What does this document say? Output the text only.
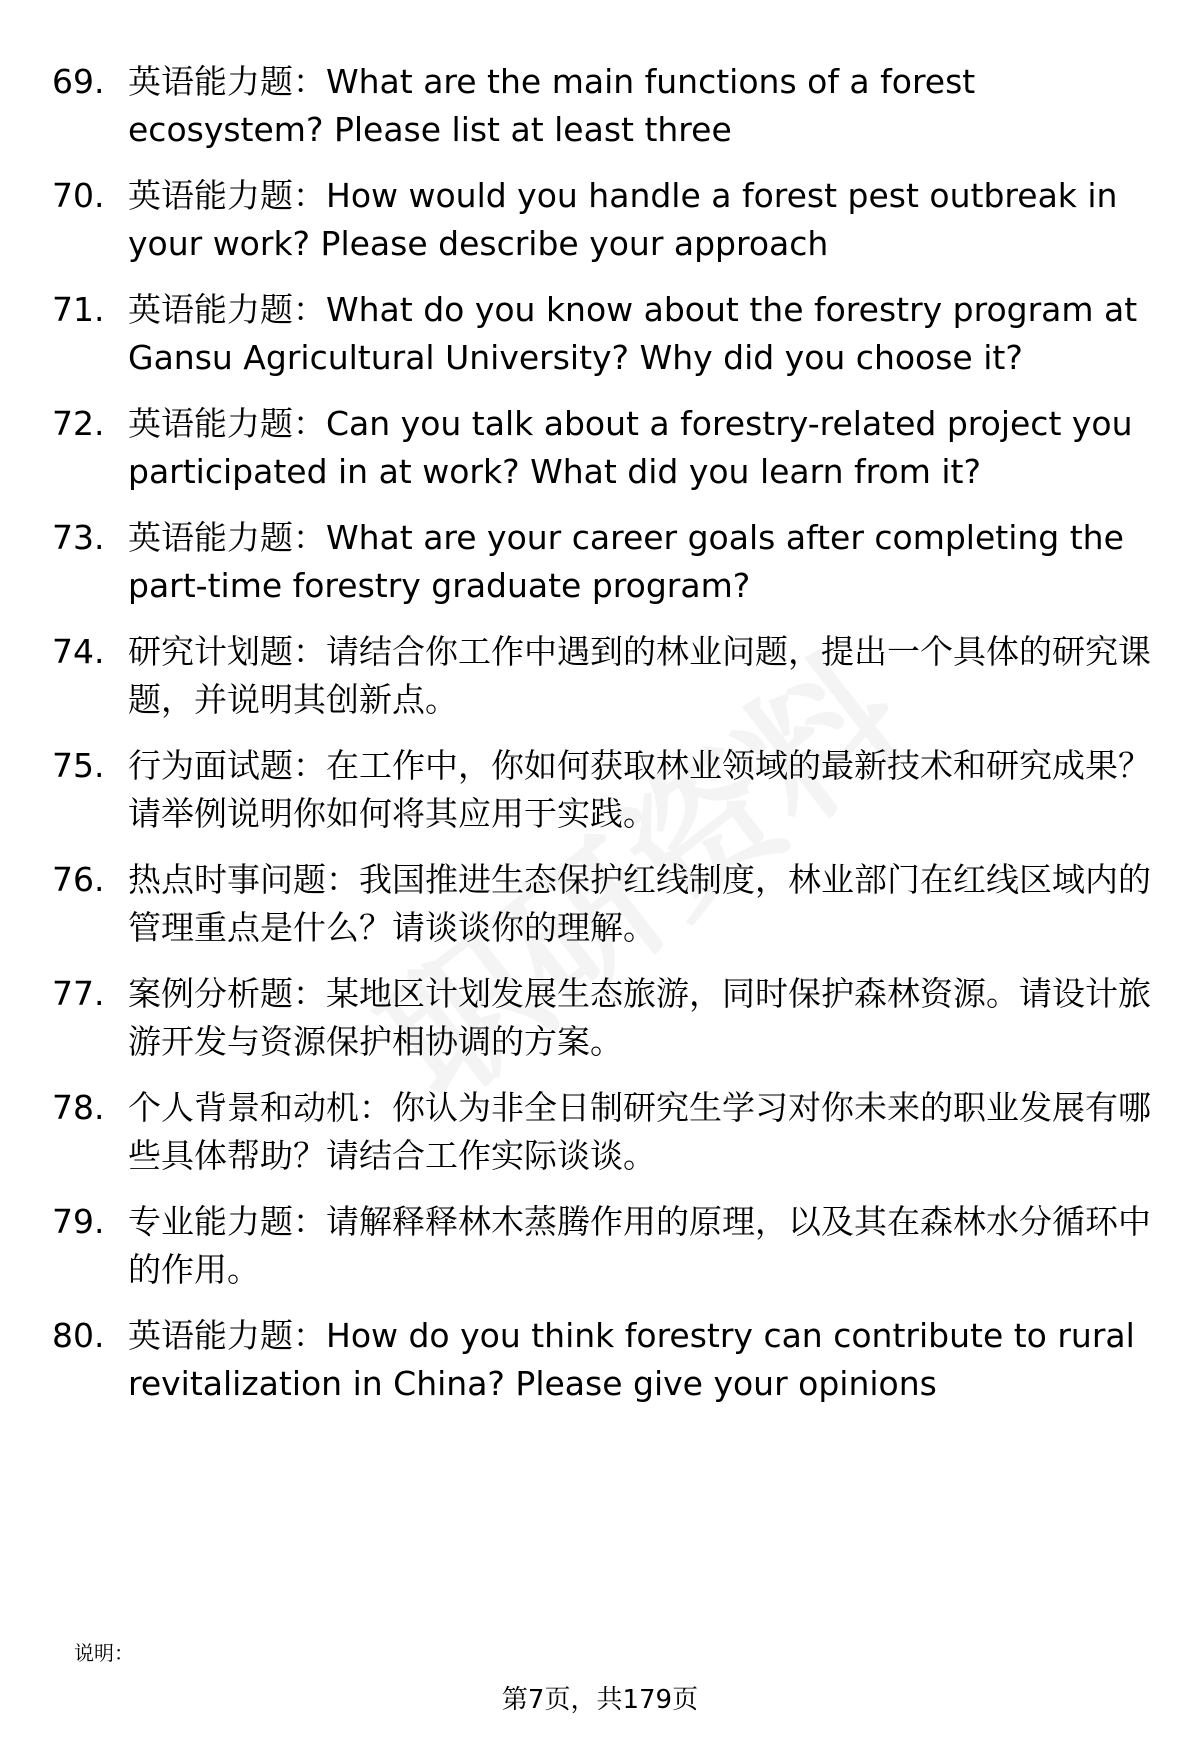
69. 英语能力题：What are the main functions of a forest ecosystem? Please list at least three
70. 英语能力题：How would you handle a forest pest outbreak in your work? Please describe your approach
71. 英语能力题：What do you know about the forestry program at Gansu Agricultural University? Why did you choose it?
72. 英语能力题：Can you talk about a forestry-related project you participated in at work? What did you learn from it?
73. 英语能力题：What are your career goals after completing the part-time forestry graduate program?
74. 研究计划题：请结合你工作中遇到的林业问题，提出一个具体的研究课题，并说明其创新点。
75. 行为面试题：在工作中，你如何获取林业领域的最新技术和研究成果？请举例说明你如何将其应用于实践。
76. 热点时事问题：我国推进生态保护红线制度，林业部门在红线区域内的管理重点是什么？请谈谈你的理解。
77. 案例分析题：某地区计划发展生态旅游，同时保护森林资源。请设计旅游开发与资源保护相协调的方案。
78. 个人背景和动机：你认为非全日制研究生学习对你未来的职业发展有哪些具体帮助？请结合工作实际谈谈。
79. 专业能力题：请解释释林木蒸腾作用的原理，以及其在森林水分循环中的作用。
80. 英语能力题：How do you think forestry can contribute to rural revitalization in China? Please give your opinions
说明：
第7页，共179页
